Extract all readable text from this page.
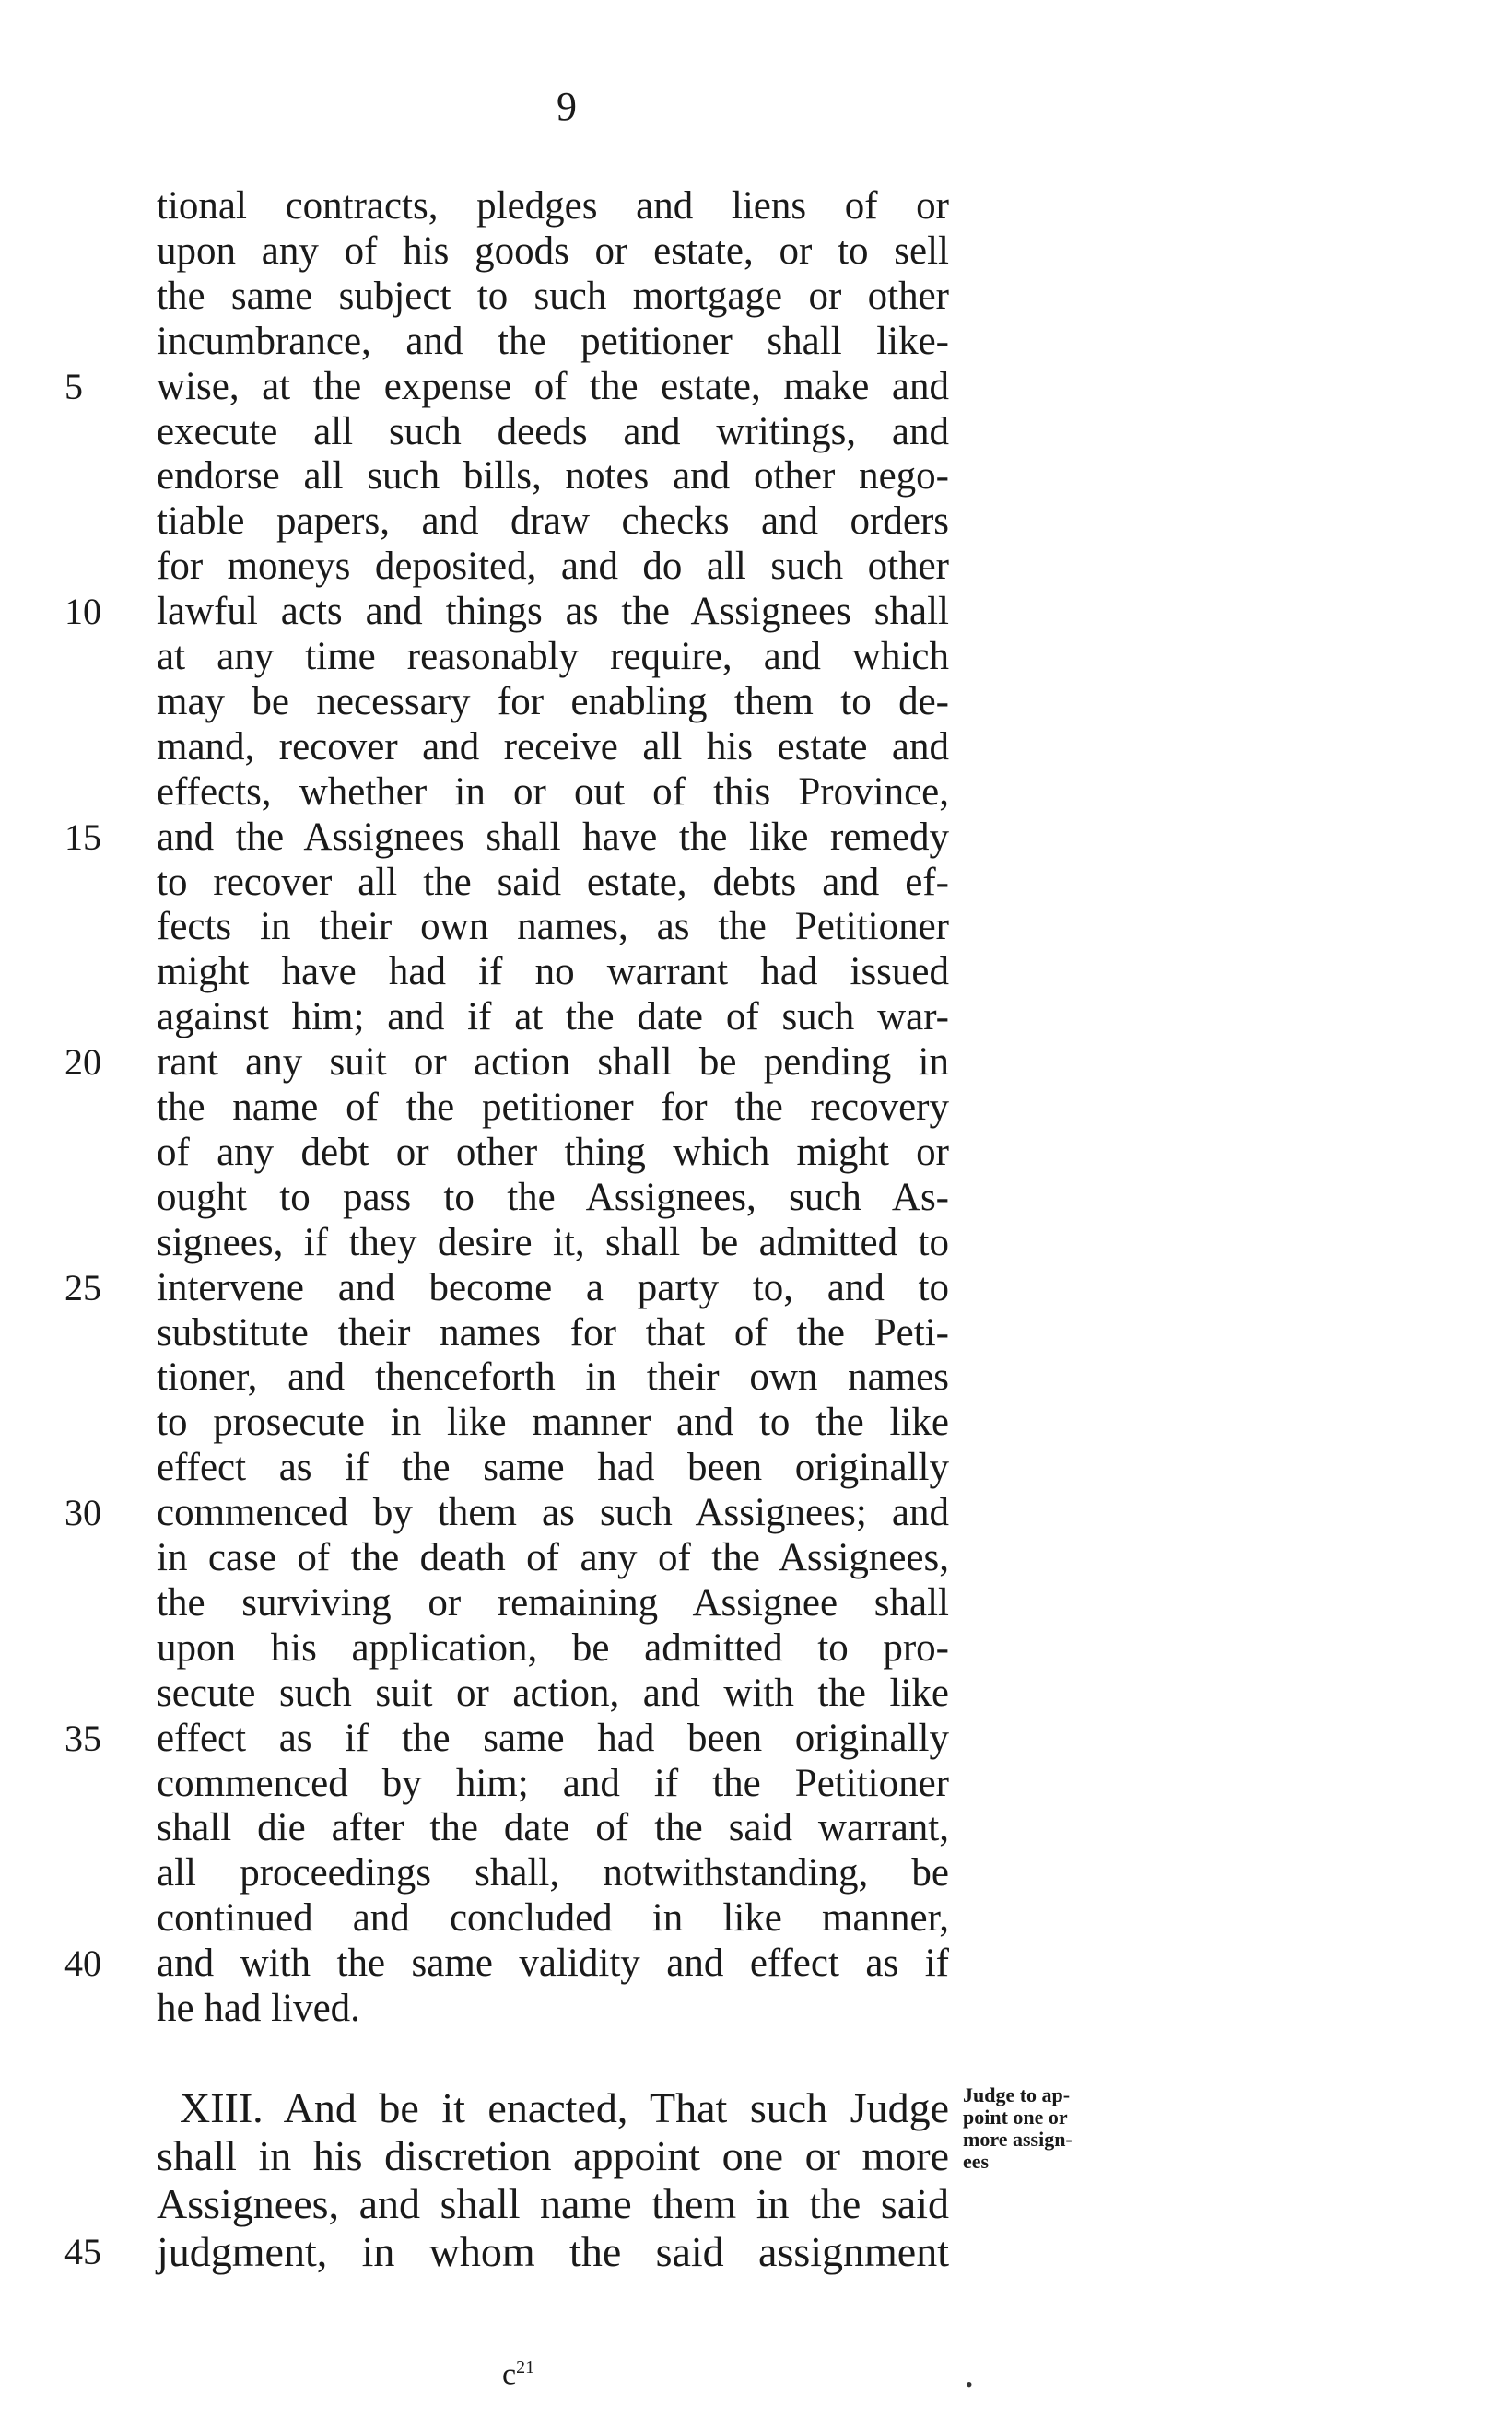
9
tional contracts, pledges and liens of or
upon any of his goods or estate, or to sell
the same subject to such mortgage or other
incumbrance, and the petitioner shall like-
5	wise, at the expense of the estate, make and
execute all such deeds and writings, and
endorse all such bills, notes and other nego-
tiable papers, and draw checks and orders
for moneys deposited, and do all such other
10	lawful acts and things as the Assignees shall
at any time reasonably require, and which
may be necessary for enabling them to de-
mand, recover and receive all his estate and
effects, whether in or out of this Province,
15	and the Assignees shall have the like remedy
to recover all the said estate, debts and ef-
fects in their own names, as the Petitioner
might have had if no warrant had issued
against him; and if at the date of such war-
20	rant any suit or action shall be pending in
the name of the petitioner for the recovery
of any debt or other thing which might or
ought to pass to the Assignees, such As-
signees, if they desire it, shall be admitted to
25	intervene and become a party to, and to
substitute their names for that of the Peti-
tioner, and thenceforth in their own names
to prosecute in like manner and to the like
effect as if the same had been originally
30	commenced by them as such Assignees; and
in case of the death of any of the Assignees,
the surviving or remaining Assignee shall
upon his application, be admitted to pro-
secute such suit or action, and with the like
35	effect as if the same had been originally
commenced by him; and if the Petitioner
shall die after the date of the said warrant,
all proceedings shall, notwithstanding, be
continued and concluded in like manner,
40	and with the same validity and effect as if
he had lived.
XIII. And be it enacted, That such Judge
shall in his discretion appoint one or more
Assignees, and shall name them in the said
judgment, in whom the said assignment
45
Judge to ap-
point one or
more assign-
ees
$c^{21}$
•
